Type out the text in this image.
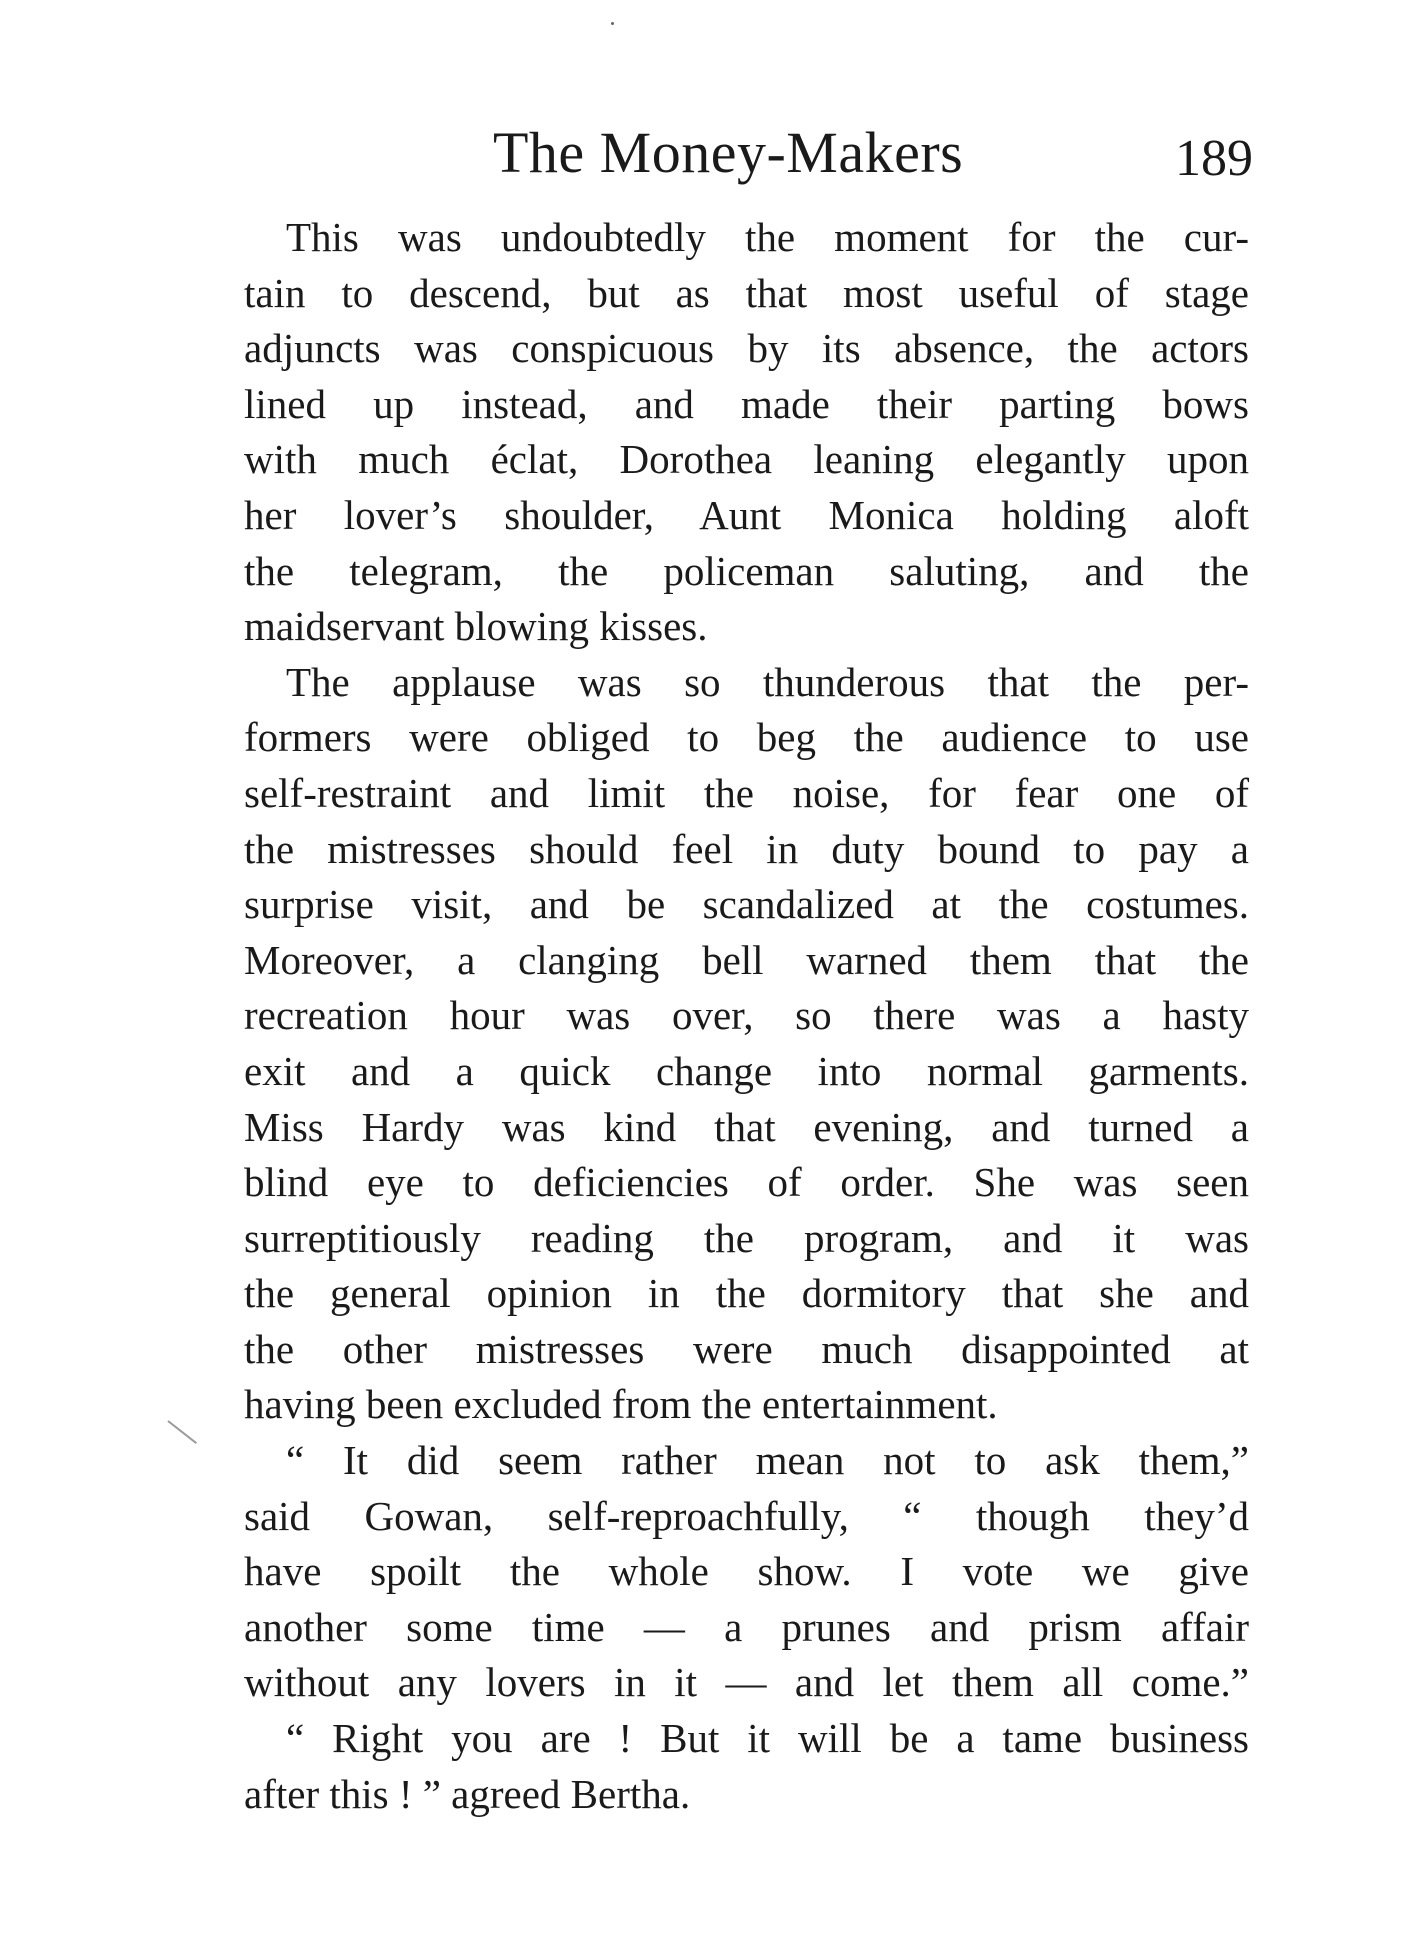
The Money-Makers	189
This was undoubtedly the moment for the cur-
tain to descend, but as that most useful of stage
adjuncts was conspicuous by its absence, the actors
lined up instead, and made their parting bows
with much éclat, Dorothea leaning elegantly upon
her lover’s shoulder, Aunt Monica holding aloft
the telegram, the policeman saluting, and the
maidservant blowing kisses.
The applause was so thunderous that the per-
formers were obliged to beg the audience to use
self-restraint and limit the noise, for fear one of
the mistresses should feel in duty bound to pay a
surprise visit, and be scandalized at the costumes.
Moreover, a clanging bell warned them that the
recreation hour was over, so there was a hasty
exit and a quick change into normal garments.
Miss Hardy was kind that evening, and turned a
blind eye to deficiencies of order. She was seen
surreptitiously reading the program, and it was
the general opinion in the dormitory that she and
the other mistresses were much disappointed at
having been excluded from the entertainment.
“ It did seem rather mean not to ask them,”
said Gowan, self-reproachfully, “ though they’d
have spoilt the whole show. I vote we give
another some time — a prunes and prism affair
without any lovers in it — and let them all come.”
“ Right you are ! But it will be a tame business
after this ! ” agreed Bertha.
